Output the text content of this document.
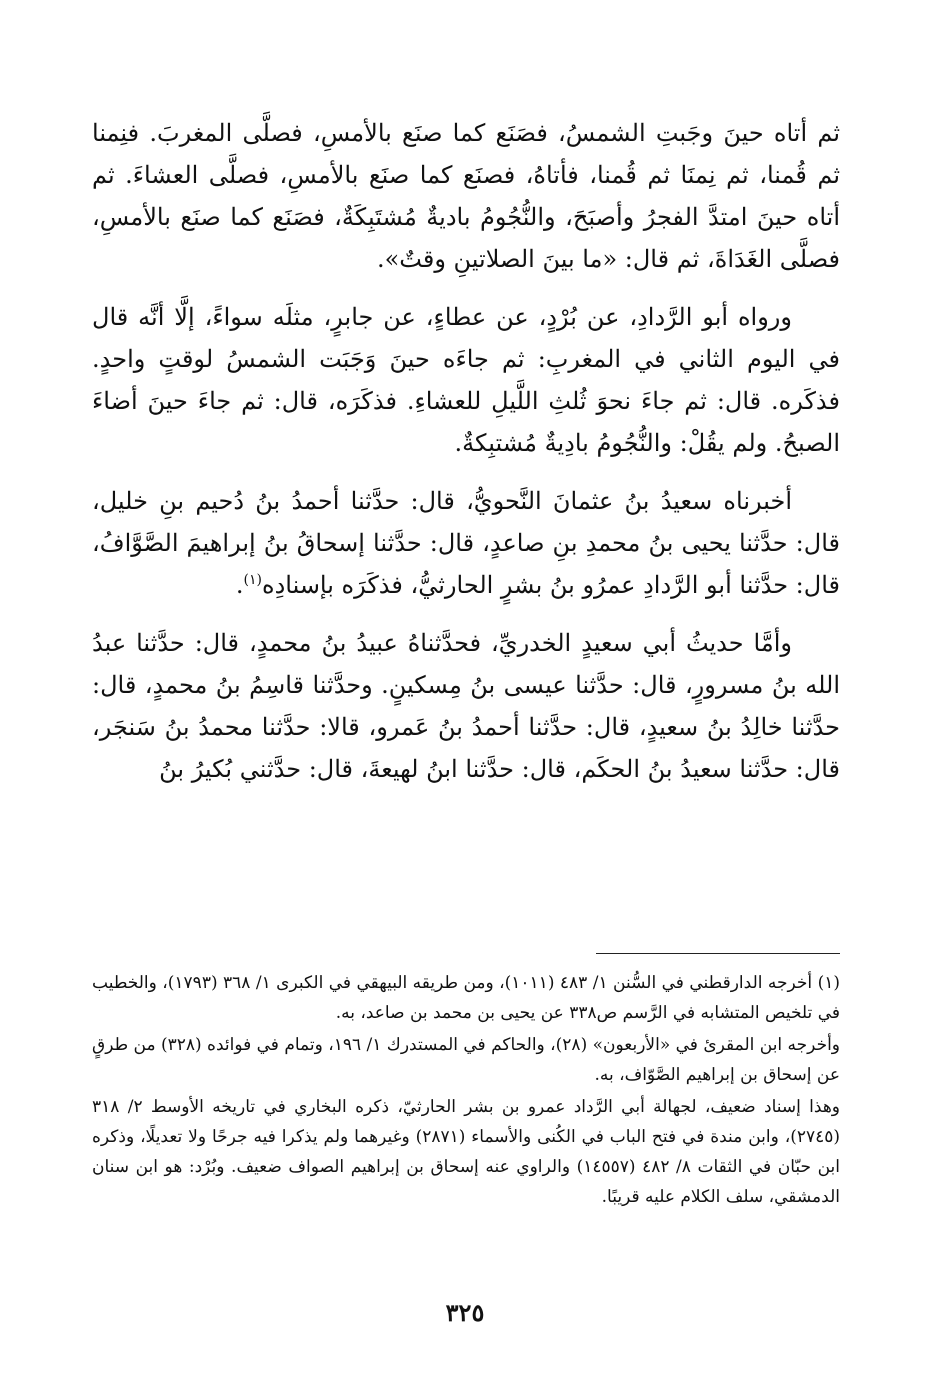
ثم أتاه حينَ وجَبتِ الشمسُ، فصَنَع كما صنَع بالأمسِ، فصلَّى المغربَ. فنِمنا ثم قُمنا، ثم نِمنَا ثم قُمنا، فأتاهُ، فصنَع كما صنَع بالأمسِ، فصلَّى العشاءَ. ثم أتاه حينَ امتدَّ الفجرُ وأصبَحَ، والنُّجُومُ باديةٌ مُشتَبِكَةٌ، فصَنَع كما صنَع بالأمسِ، فصلَّى الغَدَاةَ، ثم قال: «ما بينَ الصلاتينِ وقتٌ».

ورواه أبو الرَّدادِ، عن بُرْدٍ، عن عطاءٍ، عن جابرٍ، مثلَه سواءً، إلَّا أنَّه قال في اليوم الثاني في المغربِ: ثم جاءَه حينَ وَجَبَت الشمسُ لوقتٍ واحدٍ. فذكَره. قال: ثم جاءَ نحوَ ثُلثِ اللَّيلِ للعشاءِ. فذكَرَه، قال: ثم جاءَ حينَ أضاءَ الصبحُ. ولم يقُلْ: والنُّجُومُ بادِيةٌ مُشتبِكةٌ.

أخبرناه سعيدُ بنُ عثمانَ النَّحويُّ، قال: حدَّثنا أحمدُ بنُ دُحيم بنِ خليل، قال: حدَّثنا يحيى بنُ محمدِ بنِ صاعدٍ، قال: حدَّثنا إسحاقُ بنُ إبراهيمَ الصَّوَّافُ، قال: حدَّثنا أبو الرَّدادِ عمرُو بنُ بشرٍ الحارثيُّ، فذكَرَه بإسنادِه$^{(١)}$.

وأمَّا حديثُ أبي سعيدٍ الخدريِّ، فحدَّثناهُ عبيدُ بنُ محمدٍ، قال: حدَّثنا عبدُ الله بنُ مسرورٍ، قال: حدَّثنا عيسى بنُ مِسكينٍ. وحدَّثنا قاسِمُ بنُ محمدٍ، قال: حدَّثنا خالِدُ بنُ سعيدٍ، قال: حدَّثنا أحمدُ بنُ عَمرو، قالا: حدَّثنا محمدُ بنُ سَنجَر، قال: حدَّثنا سعيدُ بنُ الحكَم، قال: حدَّثنا ابنُ لهيعةَ، قال: حدَّثني بُكيرُ بنُ

(١) أخرجه الدارقطني في السُّنن ١/ ٤٨٣ (١٠١١)، ومن طريقه البيهقي في الكبرى ١/ ٣٦٨ (١٧٩٣)، والخطيب في تلخيص المتشابه في الرَّسم ص٣٣٨ عن يحيى بن محمد بن صاعد، به.

وأخرجه ابن المقرئ في «الأربعون» (٢٨)، والحاكم في المستدرك ١/ ١٩٦، وتمام في فوائده (٣٢٨) من طرقٍ عن إسحاق بن إبراهيم الصَّوّاف، به.

وهذا إسناد ضعيف، لجهالة أبي الرَّداد عمرو بن بشر الحارثيّ، ذكره البخاري في تاريخه الأوسط ٢/ ٣١٨ (٢٧٤٥)، وابن مندة في فتح الباب في الكُنى والأسماء (٢٨٧١) وغيرهما ولم يذكرا فيه جرحًا ولا تعديلًا، وذكره ابن حبّان في الثقات ٨/ ٤٨٢ (١٤٥٥٧) والراوي عنه إسحاق بن إبراهيم الصواف ضعيف. وبُرْد: هو ابن سنان الدمشقي، سلف الكلام عليه قريبًا.

٣٢٥
